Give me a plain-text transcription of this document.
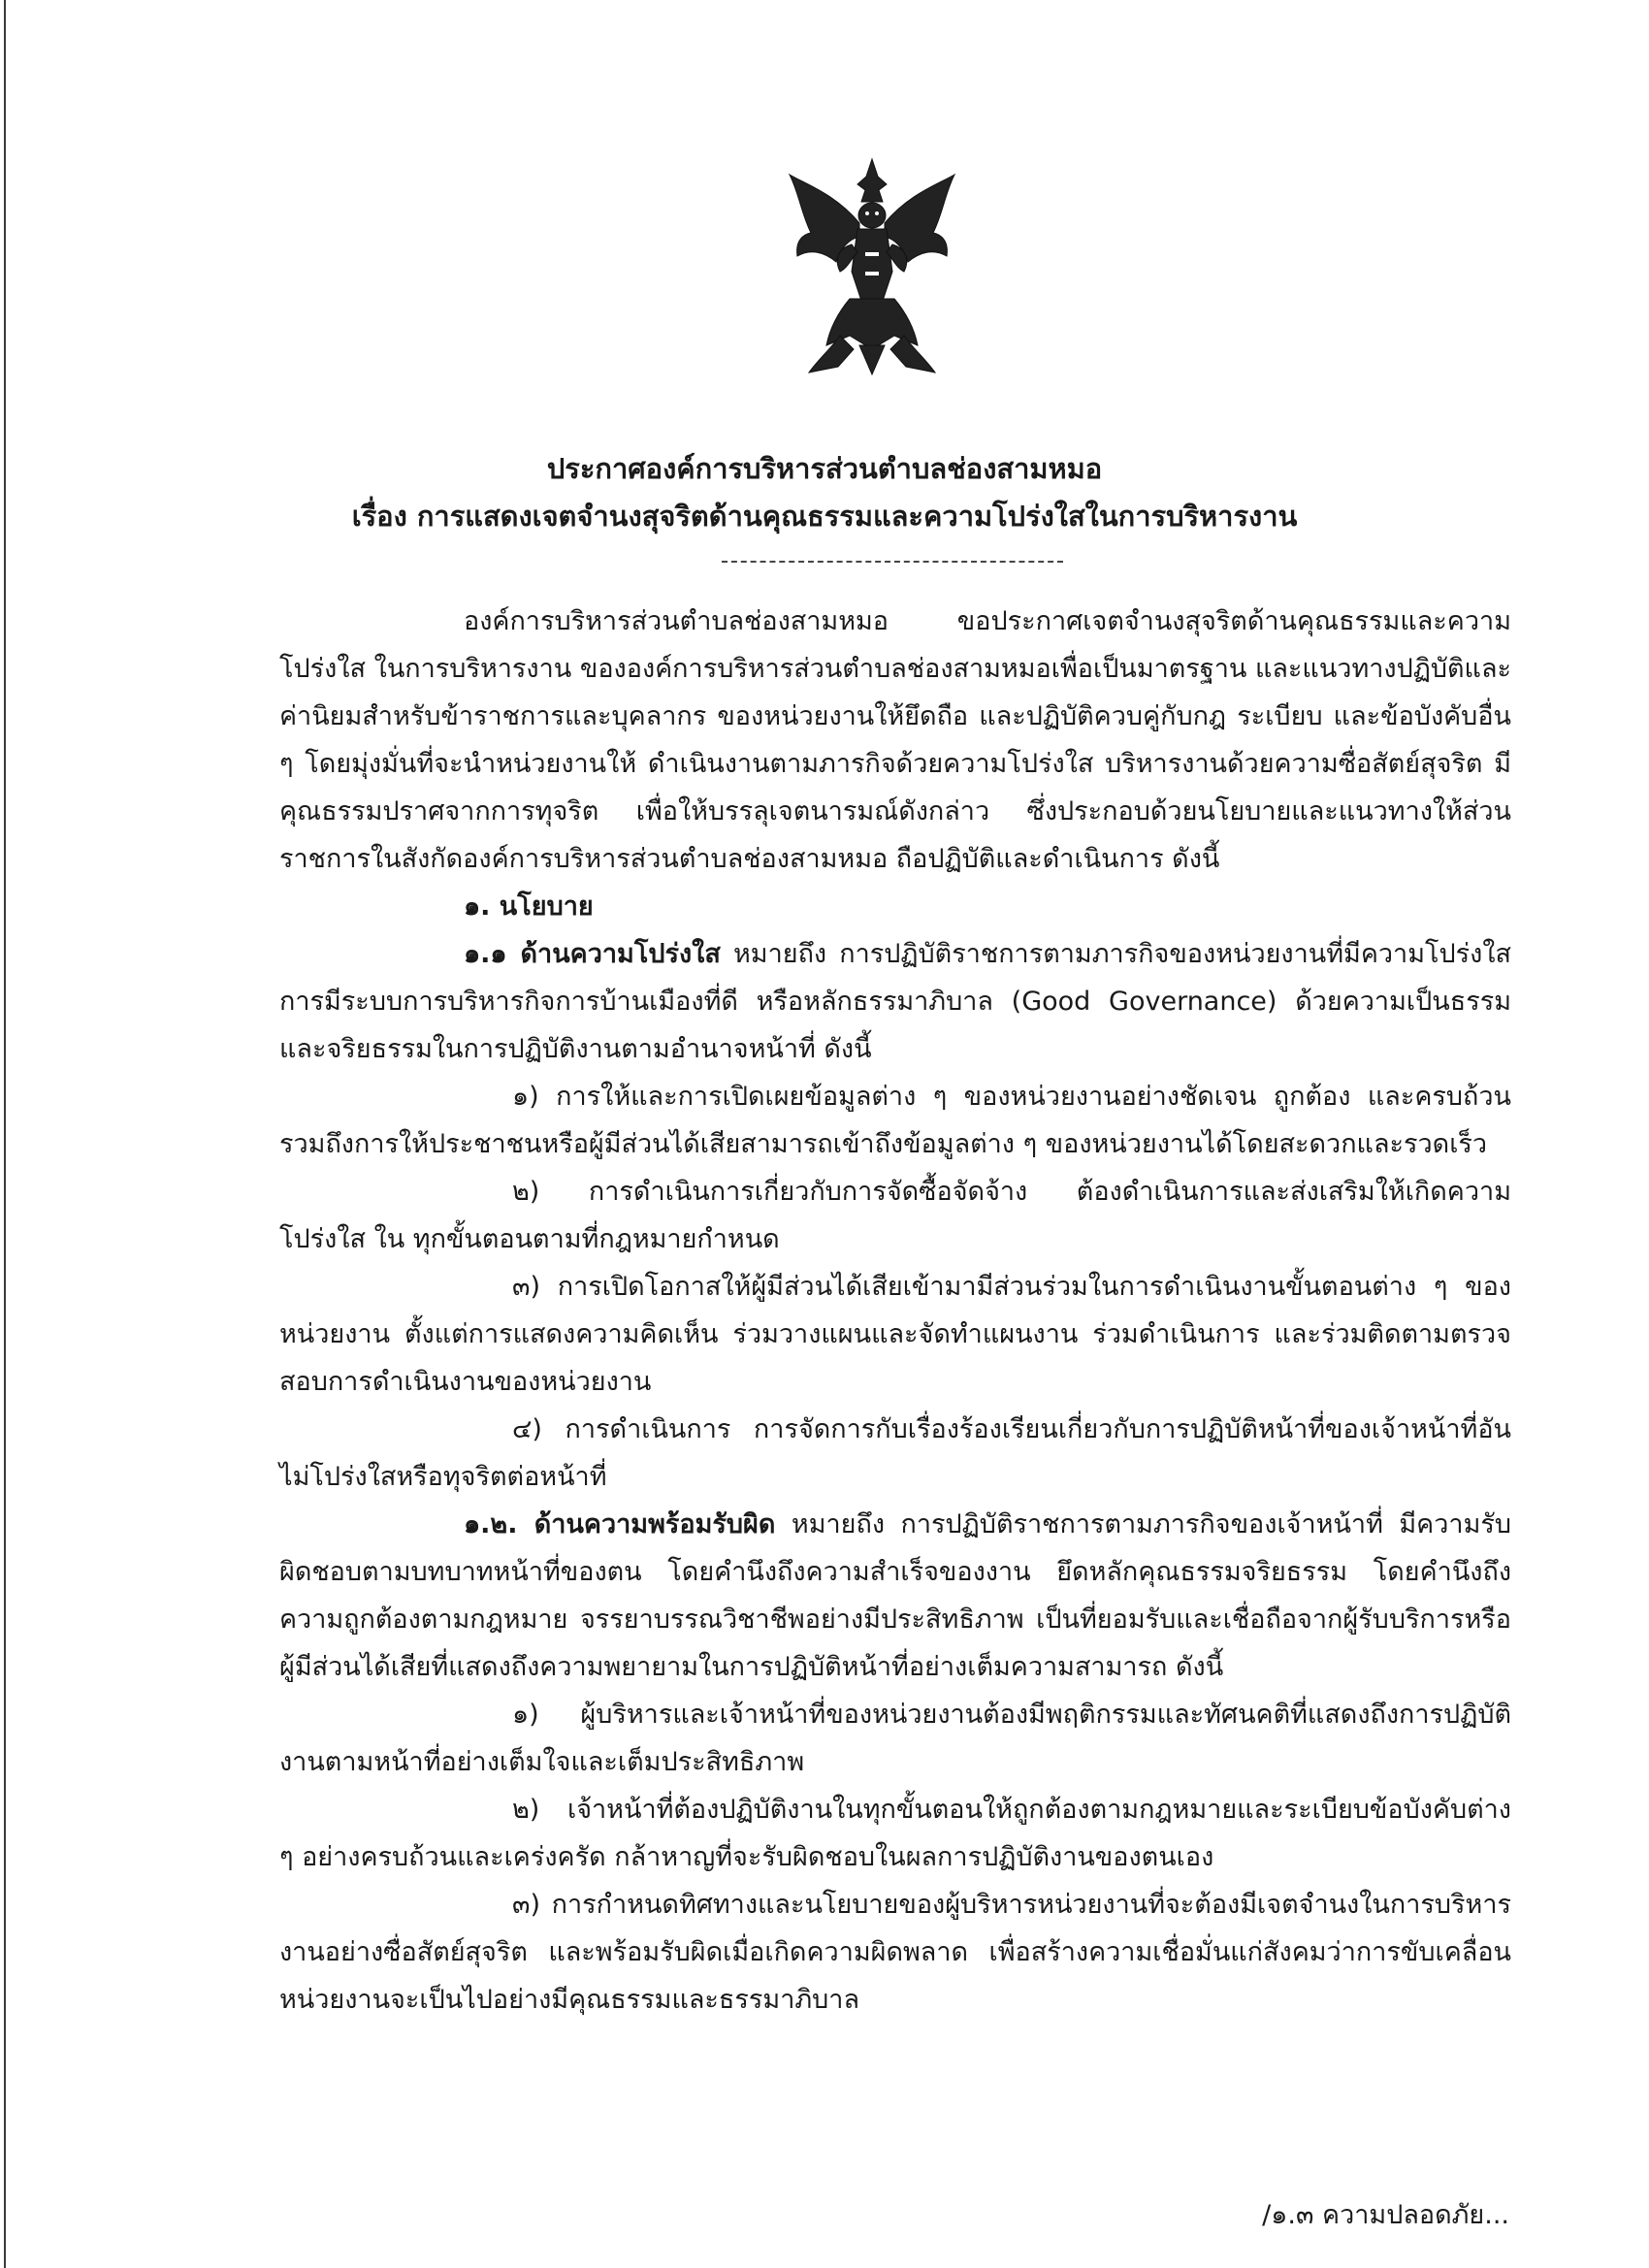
ประกาศองค์การบริหารส่วนตำบลช่องสามหมอ
เรื่อง การแสดงเจตจำนงสุจริตด้านคุณธรรมและความโปร่งใสในการบริหารงาน

องค์การบริหารส่วนตำบลช่องสามหมอ ขอประกาศเจตจำนงสุจริตด้านคุณธรรมและความโปร่งใส ในการบริหารงาน ขององค์การบริหารส่วนตำบลช่องสามหมอเพื่อเป็นมาตรฐาน และแนวทางปฏิบัติและค่านิยมสำหรับข้าราชการและบุคลากร ของหน่วยงานให้ยึดถือ และปฏิบัติควบคู่กับกฎ ระเบียบ และข้อบังคับอื่น ๆ โดยมุ่งมั่นที่จะนำหน่วยงานให้ ดำเนินงานตามภารกิจด้วยความโปร่งใส บริหารงานด้วยความซื่อสัตย์สุจริต มีคุณธรรมปราศจากการทุจริต เพื่อให้บรรลุเจตนารมณ์ดังกล่าว ซึ่งประกอบด้วยนโยบายและแนวทางให้ส่วนราชการในสังกัดองค์การบริหารส่วนตำบลช่องสามหมอ ถือปฏิบัติและดำเนินการ ดังนี้

๑. นโยบาย

๑.๑ ด้านความโปร่งใส หมายถึง การปฏิบัติราชการตามภารกิจของหน่วยงานที่มีความโปร่งใส การมีระบบการบริหารกิจการบ้านเมืองที่ดี หรือหลักธรรมาภิบาล (Good Governance) ด้วยความเป็นธรรม และจริยธรรมในการปฏิบัติงานตามอำนาจหน้าที่ ดังนี้

๑) การให้และการเปิดเผยข้อมูลต่าง ๆ ของหน่วยงานอย่างชัดเจน ถูกต้อง และครบถ้วน รวมถึงการให้ประชาชนหรือผู้มีส่วนได้เสียสามารถเข้าถึงข้อมูลต่าง ๆ ของหน่วยงานได้โดยสะดวกและรวดเร็ว

๒) การดำเนินการเกี่ยวกับการจัดซื้อจัดจ้าง ต้องดำเนินการและส่งเสริมให้เกิดความโปร่งใส ใน ทุกขั้นตอนตามที่กฎหมายกำหนด

๓) การเปิดโอกาสให้ผู้มีส่วนได้เสียเข้ามามีส่วนร่วมในการดำเนินงานขั้นตอนต่าง ๆ ของหน่วยงาน ตั้งแต่การแสดงความคิดเห็น ร่วมวางแผนและจัดทำแผนงาน ร่วมดำเนินการ และร่วมติดตามตรวจสอบการดำเนินงานของหน่วยงาน

๔) การดำเนินการ การจัดการกับเรื่องร้องเรียนเกี่ยวกับการปฏิบัติหน้าที่ของเจ้าหน้าที่อันไม่โปร่งใสหรือทุจริตต่อหน้าที่

๑.๒. ด้านความพร้อมรับผิด หมายถึง การปฏิบัติราชการตามภารกิจของเจ้าหน้าที่ มีความรับผิดชอบตามบทบาทหน้าที่ของตน โดยคำนึงถึงความสำเร็จของงาน ยึดหลักคุณธรรมจริยธรรม โดยคำนึงถึงความถูกต้องตามกฎหมาย จรรยาบรรณวิชาชีพอย่างมีประสิทธิภาพ เป็นที่ยอมรับและเชื่อถือจากผู้รับบริการหรือผู้มีส่วนได้เสียที่แสดงถึงความพยายามในการปฏิบัติหน้าที่อย่างเต็มความสามารถ ดังนี้

๑) ผู้บริหารและเจ้าหน้าที่ของหน่วยงานต้องมีพฤติกรรมและทัศนคติที่แสดงถึงการปฏิบัติงานตามหน้าที่อย่างเต็มใจและเต็มประสิทธิภาพ

๒) เจ้าหน้าที่ต้องปฏิบัติงานในทุกขั้นตอนให้ถูกต้องตามกฎหมายและระเบียบข้อบังคับต่าง ๆ อย่างครบถ้วนและเคร่งครัด กล้าหาญที่จะรับผิดชอบในผลการปฏิบัติงานของตนเอง

๓) การกำหนดทิศทางและนโยบายของผู้บริหารหน่วยงานที่จะต้องมีเจตจำนงในการบริหารงานอย่างซื่อสัตย์สุจริต และพร้อมรับผิดเมื่อเกิดความผิดพลาด เพื่อสร้างความเชื่อมั่นแก่สังคมว่าการขับเคลื่อนหน่วยงานจะเป็นไปอย่างมีคุณธรรมและธรรมาภิบาล

/๑.๓ ความปลอดภัย...
